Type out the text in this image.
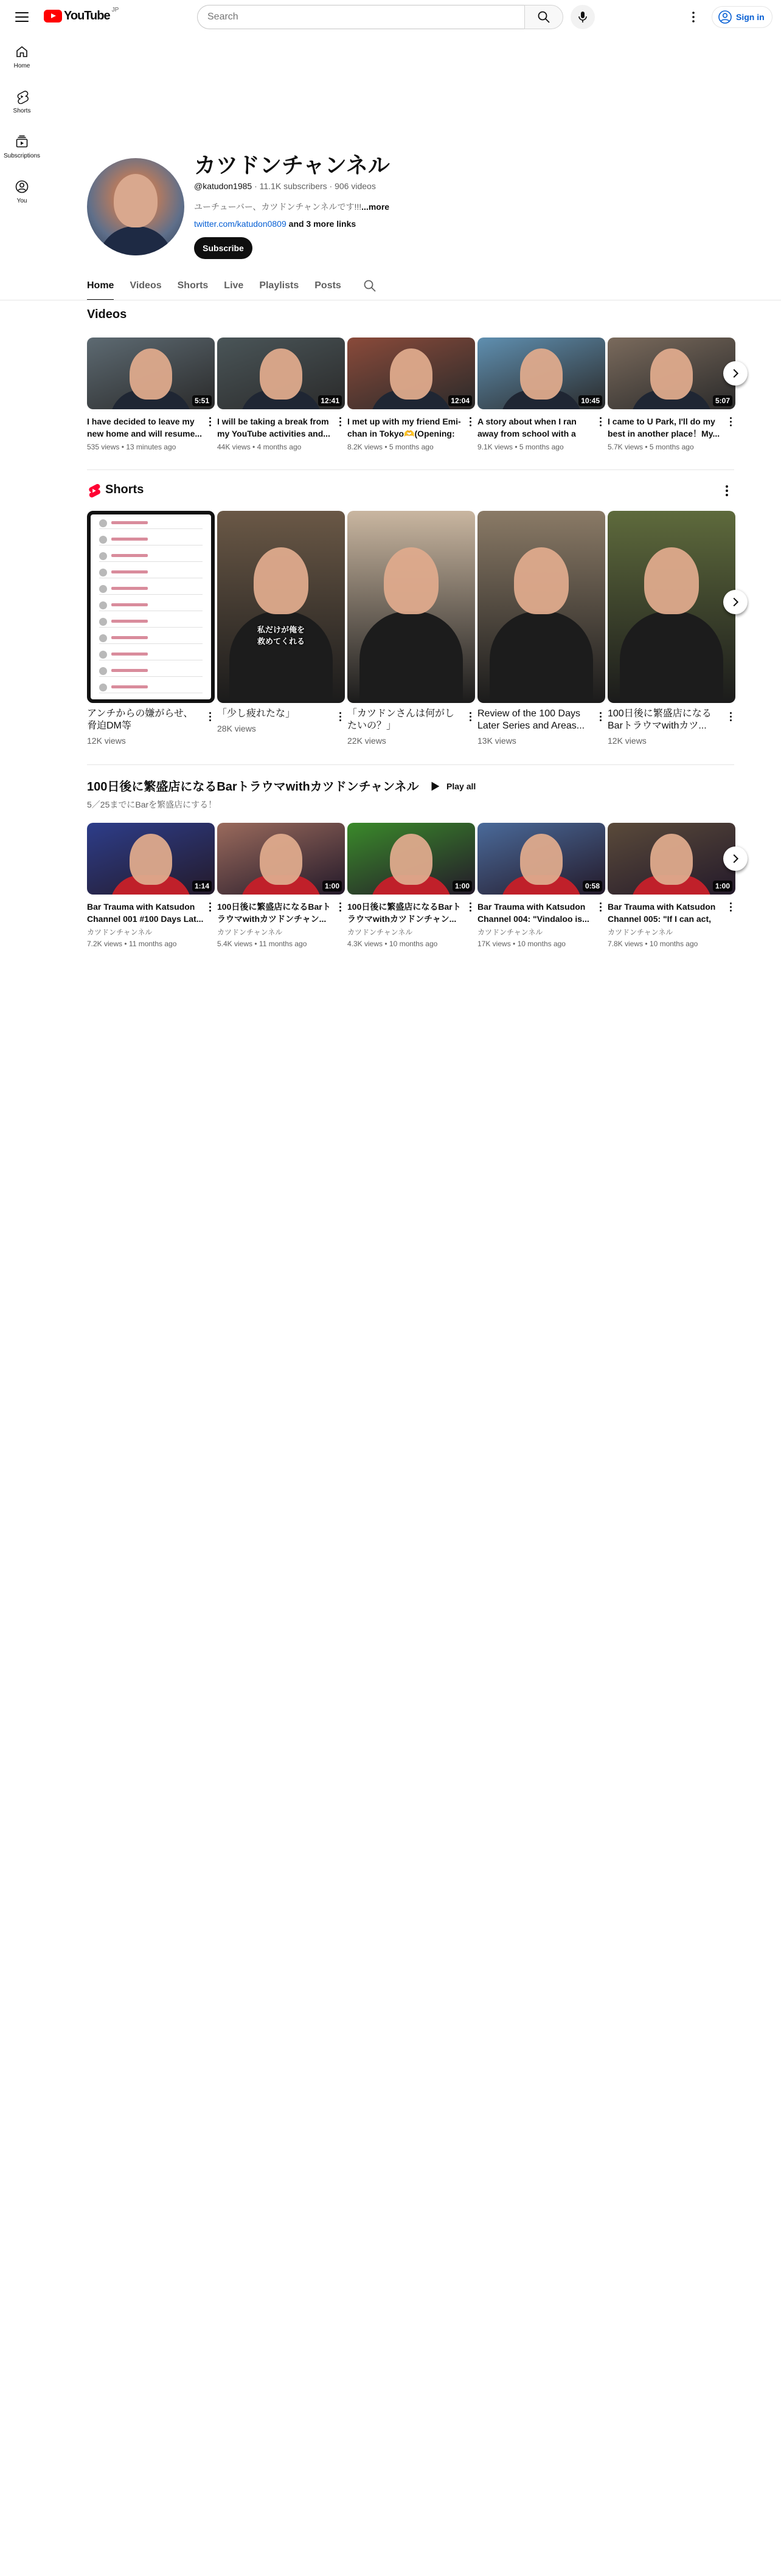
YouTube JP
Search
Sign in
Home
Shorts
Subscriptions
You
カツドンチャンネル
@katudon1985 · 11.1K subscribers · 906 videos
ユーチューバー、カツドンチャンネルです!!!...more
twitter.com/katudon0809 and 3 more links
Subscribe
Home	Videos	Shorts	Live	Playlists	Posts
Videos
5:51
I have decided to leave my new home and will resume...
535 views • 13 minutes ago
12:41
I will be taking a break from my YouTube activities and...
44K views • 4 months ago
12:04
I met up with my friend Emi-chan in Tokyo🫶(Opening:
8.2K views • 5 months ago
10:45
A story about when I ran away from school with a
9.1K views • 5 months ago
5:07
I came to U Park, I'll do my best in another place！My...
5.7K views • 5 months ago
Shorts
アンチからの嫌がらせ、脅迫DM等
12K views
私だけが俺を
救めてくれる
「少し疲れたな」
28K views
「カツドンさんは何がしたいの？」
22K views
Review of the 100 Days Later Series and Areas...
13K views
100日後に繁盛店になるBarトラウマwithカツ...
12K views
100日後に繁盛店になるBarトラウマwithカツドンチャンネル	Play all
5／25までにBarを繁盛店にする！
1:14
Bar Trauma with Katsudon Channel 001 #100 Days Lat...
カツドンチャンネル
7.2K views • 11 months ago
1:00
100日後に繁盛店になるBarトラウマwithカツドンチャン...
カツドンチャンネル
5.4K views • 11 months ago
1:00
100日後に繁盛店になるBarトラウマwithカツドンチャン...
カツドンチャンネル
4.3K views • 10 months ago
0:58
Bar Trauma with Katsudon Channel 004: "Vindaloo is...
カツドンチャンネル
17K views • 10 months ago
1:00
Bar Trauma with Katsudon Channel 005: "If I can act,
カツドンチャンネル
7.8K views • 10 months ago
